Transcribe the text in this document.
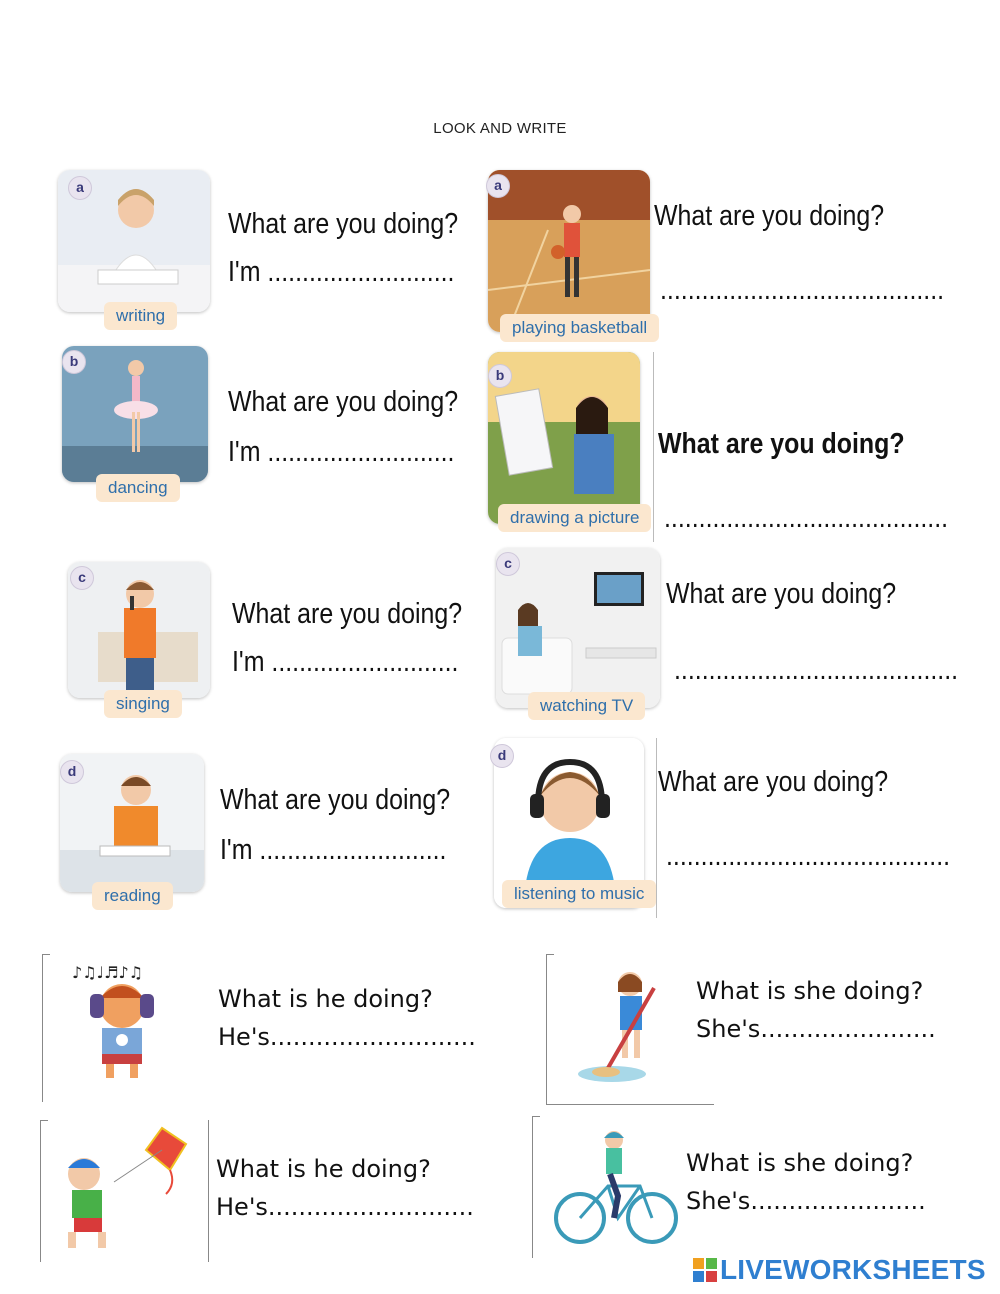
LOOK AND WRITE
a
writing
What are you doing?
I'm ...........................
b
dancing
What are you doing?
I'm ...........................
c
singing
What are you doing?
I'm ...........................
d
reading
What are you doing?
I'm ...........................
a
playing basketball
What are you doing?
.........................................
b
drawing a picture
What are you doing?
.........................................
c
watching TV
What are you doing?
.........................................
d
listening to music
What are you doing?
.........................................
♪♫♩♬♪♫
What is he doing?
He's...........................
What is she doing?
She's.......................
What is he doing?
He's...........................
What is she doing?
She's.......................
LIVEWORKSHEETS
